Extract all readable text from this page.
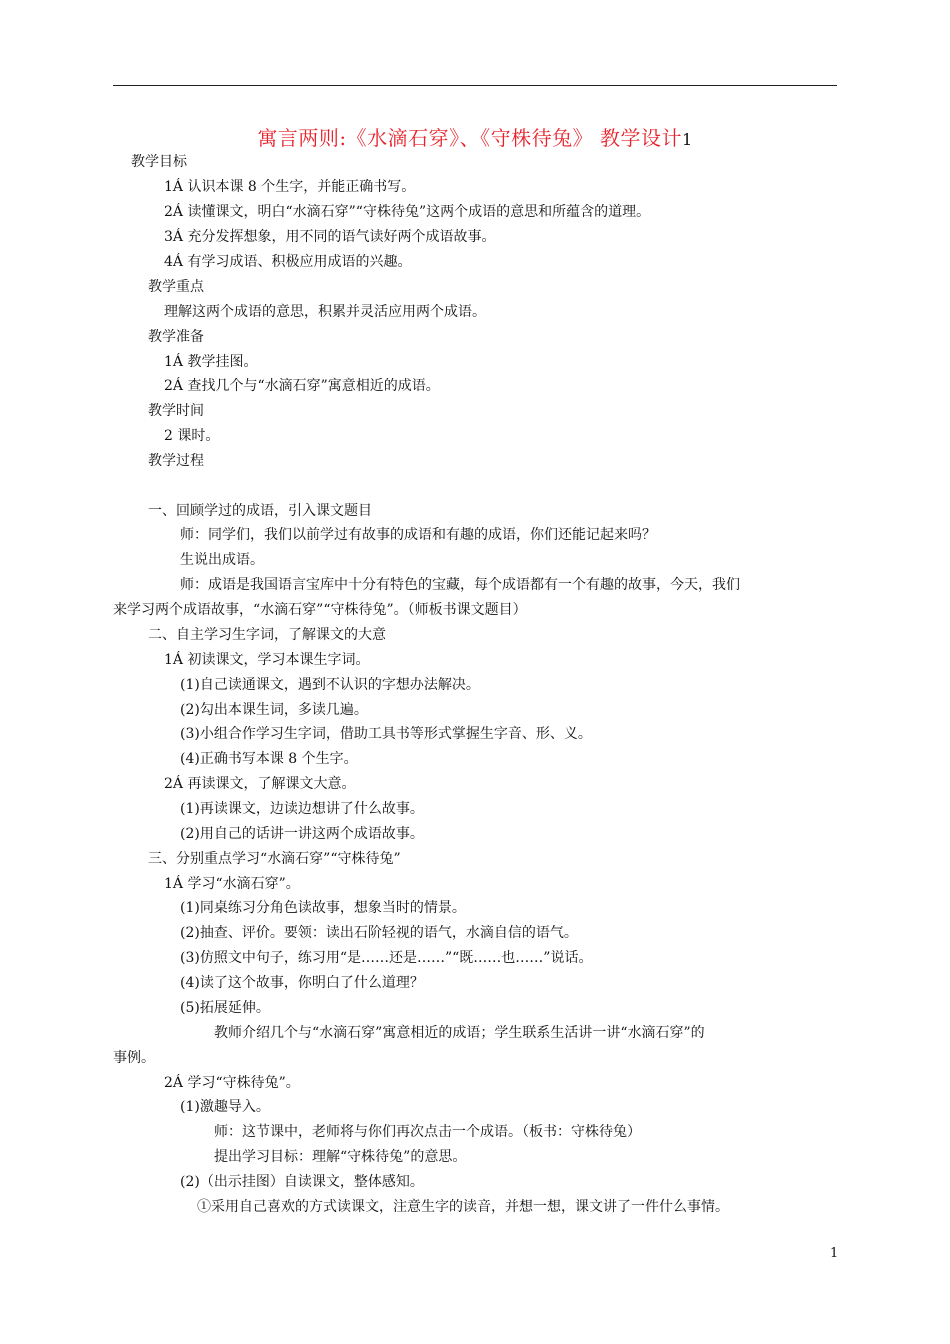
寓言两则:《水滴石穿》、《守株待兔》 教学设计1
教学目标
1Á 认识本课 8 个生字，并能正确书写。
2Á 读懂课文，明白“水滴石穿”“守株待兔”这两个成语的意思和所蕴含的道理。
3Á 充分发挥想象，用不同的语气读好两个成语故事。
4Á 有学习成语、积极应用成语的兴趣。
教学重点
理解这两个成语的意思，积累并灵活应用两个成语。
教学准备
1Á 教学挂图。
2Á 查找几个与“水滴石穿”寓意相近的成语。
教学时间
2 课时。
教学过程
一、回顾学过的成语，引入课文题目
师：同学们，我们以前学过有故事的成语和有趣的成语，你们还能记起来吗？
生说出成语。
师：成语是我国语言宝库中十分有特色的宝藏，每个成语都有一个有趣的故事，今天，我们
来学习两个成语故事，“水滴石穿”“守株待兔”。（师板书课文题目）
二、自主学习生字词，了解课文的大意
1Á 初读课文，学习本课生字词。
(1)自己读通课文，遇到不认识的字想办法解决。
(2)勾出本课生词，多读几遍。
(3)小组合作学习生字词，借助工具书等形式掌握生字音、形、义。
(4)正确书写本课 8 个生字。
2Á 再读课文，了解课文大意。
(1)再读课文，边读边想讲了什么故事。
(2)用自己的话讲一讲这两个成语故事。
三、分别重点学习“水滴石穿”“守株待兔”
1Á 学习“水滴石穿”。
(1)同桌练习分角色读故事，想象当时的情景。
(2)抽查、评价。要领：读出石阶轻视的语气，水滴自信的语气。
(3)仿照文中句子，练习用“是……还是……”“既……也……”说话。
(4)读了这个故事，你明白了什么道理？
(5)拓展延伸。
教师介绍几个与“水滴石穿”寓意相近的成语；学生联系生活讲一讲“水滴石穿”的
事例。
2Á 学习“守株待兔”。
(1)激趣导入。
师：这节课中，老师将与你们再次点击一个成语。（板书：守株待兔）
提出学习目标：理解“守株待兔”的意思。
(2)（出示挂图）自读课文，整体感知。
①采用自己喜欢的方式读课文，注意生字的读音，并想一想，课文讲了一件什么事情。
1
